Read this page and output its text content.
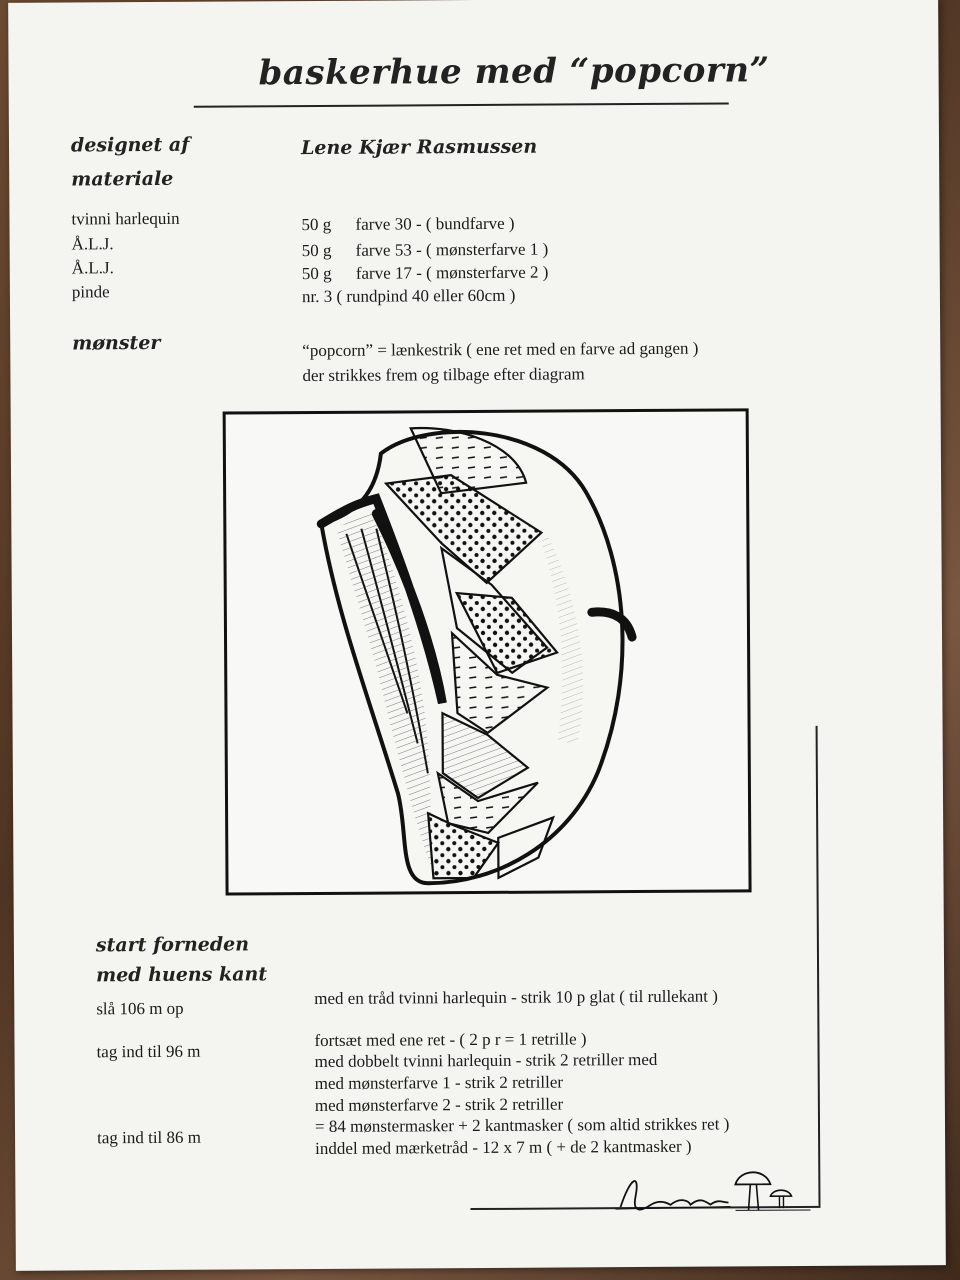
baskerhue med “popcorn”
designet af	Lene Kjær Rasmussen
materiale
tvinni harlequin
Å.L.J.
Å.L.J.
pinde
50 g
50 g
50 g
farve 30 - ( bundfarve )
farve 53 - ( mønsterfarve 1 )
farve 17 - ( mønsterfarve 2 )
nr. 3 ( rundpind 40 eller 60cm )
mønster	“popcorn” = lænkestrik ( ene ret med en farve ad gangen )
der strikkes frem og tilbage efter diagram
start forneden
med huens kant
slå 106 m op
med en tråd tvinni harlequin - strik 10 p glat ( til rullekant )
tag ind til 96 m
fortsæt med ene ret - ( 2 p r = 1 retrille )
med dobbelt tvinni harlequin - strik 2 retriller med
med mønsterfarve 1 - strik 2 retriller
med mønsterfarve 2 - strik 2 retriller
tag ind til 86 m
= 84 mønstermasker + 2 kantmasker ( som altid strikkes ret )
inddel med mærketråd - 12 x 7 m ( + de 2 kantmasker )
